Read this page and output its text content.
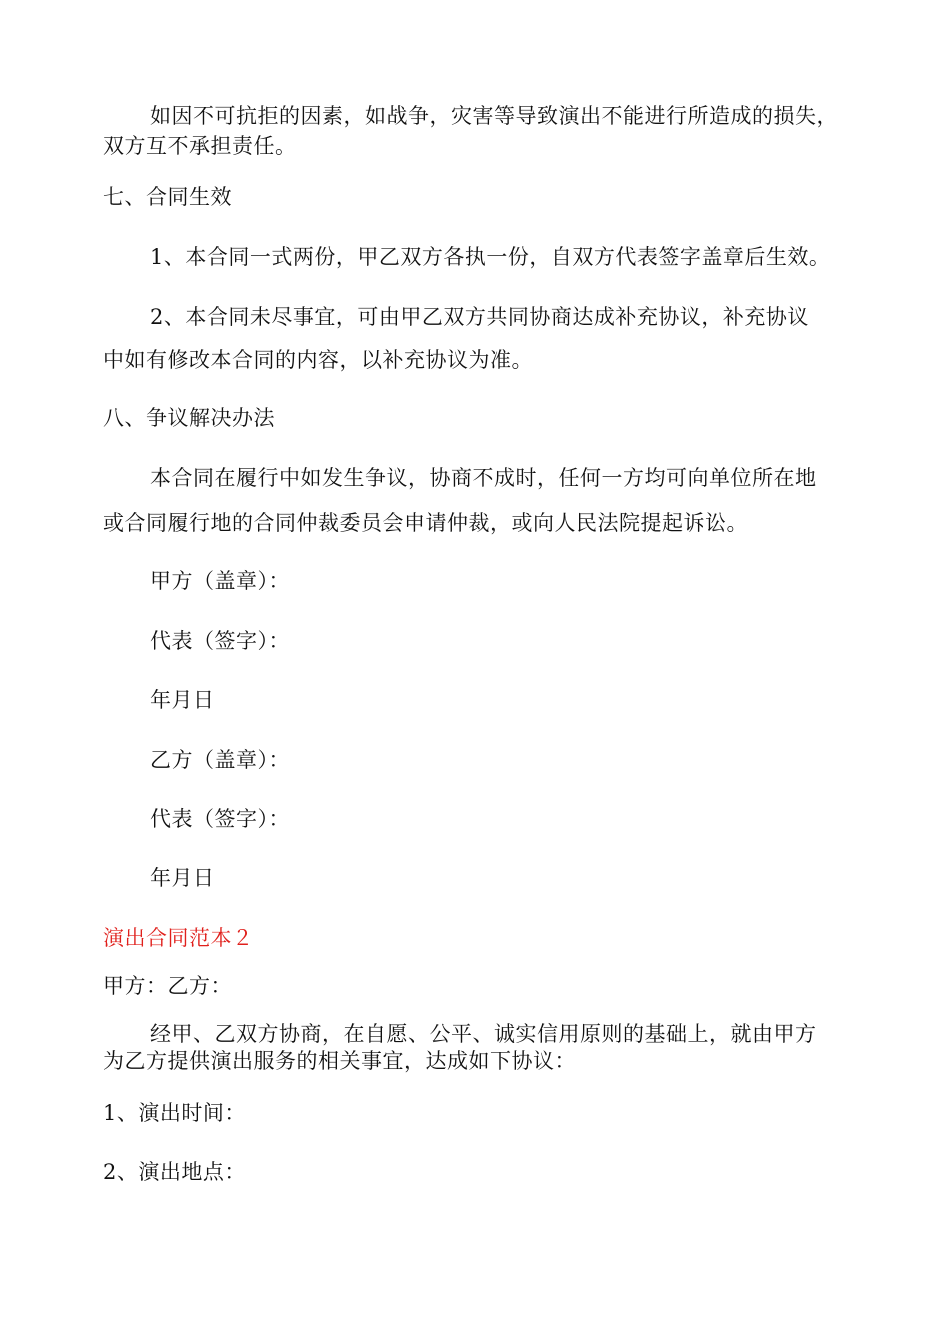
如因不可抗拒的因素，如战争，灾害等导致演出不能进行所造成的损失，
双方互不承担责任。
七、合同生效
1、本合同一式两份，甲乙双方各执一份，自双方代表签字盖章后生效。
2、本合同未尽事宜，可由甲乙双方共同协商达成补充协议，补充协议
中如有修改本合同的内容，以补充协议为准。
八、争议解决办法
本合同在履行中如发生争议，协商不成时，任何一方均可向单位所在地
或合同履行地的合同仲裁委员会申请仲裁，或向人民法院提起诉讼。
甲方（盖章）：
代表（签字）：
年月日
乙方（盖章）：
代表（签字）：
年月日
演出合同范本２
甲方：乙方：
经甲、乙双方协商，在自愿、公平、诚实信用原则的基础上，就由甲方
为乙方提供演出服务的相关事宜，达成如下协议：
1、演出时间：
2、演出地点：
